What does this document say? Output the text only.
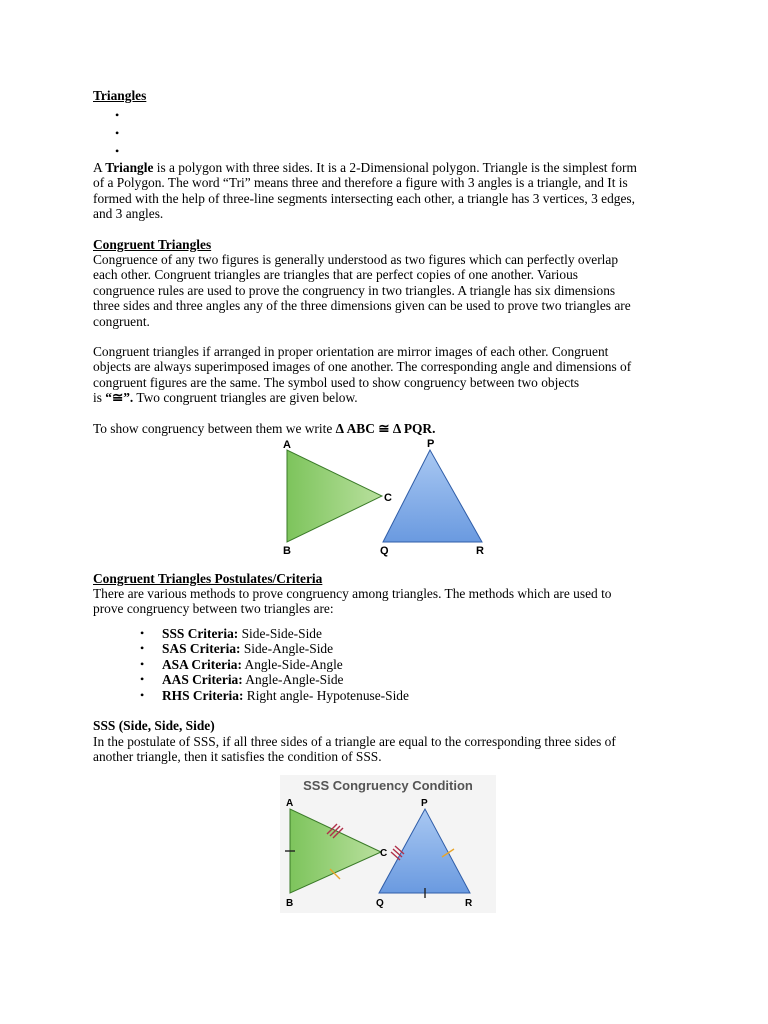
Triangles
•
•
•
A Triangle is a polygon with three sides. It is a 2-Dimensional polygon. Triangle is the simplest form
of a Polygon. The word “Tri” means three and therefore a figure with 3 angles is a triangle, and It is
formed with the help of three-line segments intersecting each other, a triangle has 3 vertices, 3 edges,
and 3 angles.
Congruent Triangles
Congruence of any two figures is generally understood as two figures which can perfectly overlap
each other. Congruent triangles are triangles that are perfect copies of one another. Various
congruence rules are used to prove the congruency in two triangles. A triangle has six dimensions
three sides and three angles any of the three dimensions given can be used to prove two triangles are
congruent.
Congruent triangles if arranged in proper orientation are mirror images of each other. Congruent
objects are always superimposed images of one another. The corresponding angle and dimensions of
congruent figures are the same. The symbol used to show congruency between two objects
is “≅”. Two congruent triangles are given below.
To show congruency between them we write Δ ABC ≅ Δ PQR.
Congruent Triangles Postulates/Criteria
There are various methods to prove congruency among triangles. The methods which are used to
prove congruency between two triangles are:
• SSS Criteria: Side-Side-Side
• SAS Criteria: Side-Angle-Side
• ASA Criteria: Angle-Side-Angle
• AAS Criteria: Angle-Angle-Side
• RHS Criteria: Right angle- Hypotenuse-Side
SSS (Side, Side, Side)
In the postulate of SSS, if all three sides of a triangle are equal to the corresponding three sides of
another triangle, then it satisfies the condition of SSS.
A
B
C
P
Q	R
SSS Congruency Condition
A
B
C
P
Q	R
